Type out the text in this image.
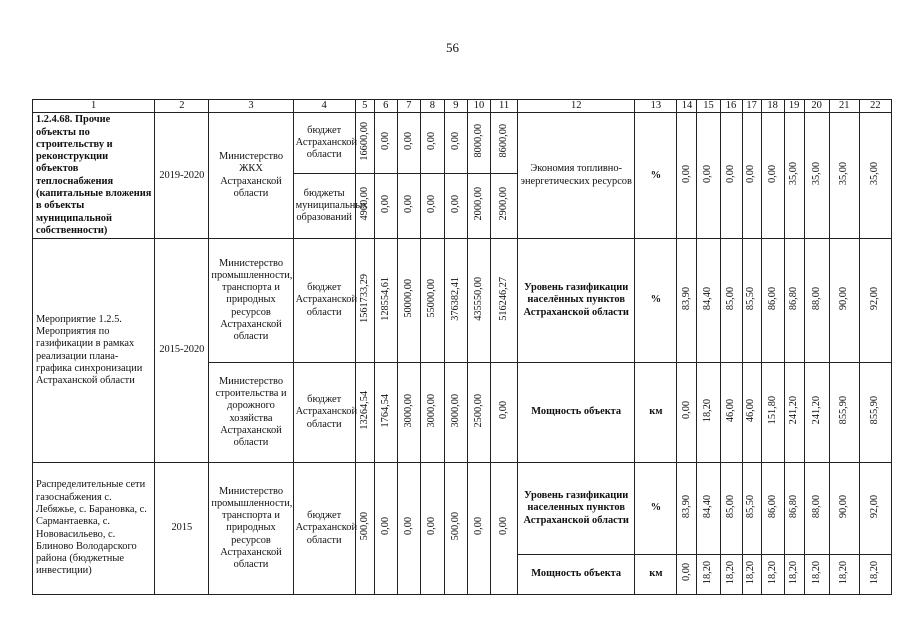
56
1	2	3	4	5	6	7	8	9	10	11	12	13	14	15	16	17	18	19	20	21	22
1.2.4.68. Прочие объекты по строительству и реконструкции объектов теплоснабжения (капитальные вложения в объекты муниципальной собственности)	2019-2020	Министерство ЖКХ Астраханской области	бюджет Астраханской области	16600,00	0,00	0,00	0,00	0,00	8000,00	8600,00	Экономия топливно-энергетических ресурсов	%	0,00	0,00	0,00	0,00	0,00	35,00	35,00	35,00	35,00
			бюджеты муниципальных образований	4900,00	0,00	0,00	0,00	0,00	2000,00	2900,00											
Мероприятие 1.2.5. Мероприятия по газификации в рамках реализации плана-графика синхронизации Астраханской области	2015-2020	Министерство промышленности, транспорта и природных ресурсов Астраханской области	бюджет Астраханской области	1561733,29	128554,61	50000,00	55000,00	376382,41	435550,00	516246,27	Уровень газификации населённых пунктов Астраханской области	%	83,90	84,40	85,00	85,50	86,00	86,80	88,00	90,00	92,00
		Министерство строительства и дорожного хозяйства Астраханской области	бюджет Астраханской области	13264,54	1764,54	3000,00	3000,00	3000,00	2500,00	0,00	Мощность объекта	км	0,00	18,20	46,00	46,00	151,80	241,20	241,20	855,90	855,90
Распределительные сети газоснабжения с. Лебяжье, с. Барановка, с. Сармантаевка, с. Нововасильево, с. Блиново Володарского района (бюджетные инвестиции)	2015	Министерство промышленности, транспорта и природных ресурсов Астраханской области	бюджет Астраханской области	500,00	0,00	0,00	0,00	500,00	0,00	0,00	Уровень газификации населенных пунктов Астраханской области	%	83,90	84,40	85,00	85,50	86,00	86,80	88,00	90,00	92,00
											Мощность объекта	км	0,00	18,20	18,20	18,20	18,20	18,20	18,20	18,20	18,20
